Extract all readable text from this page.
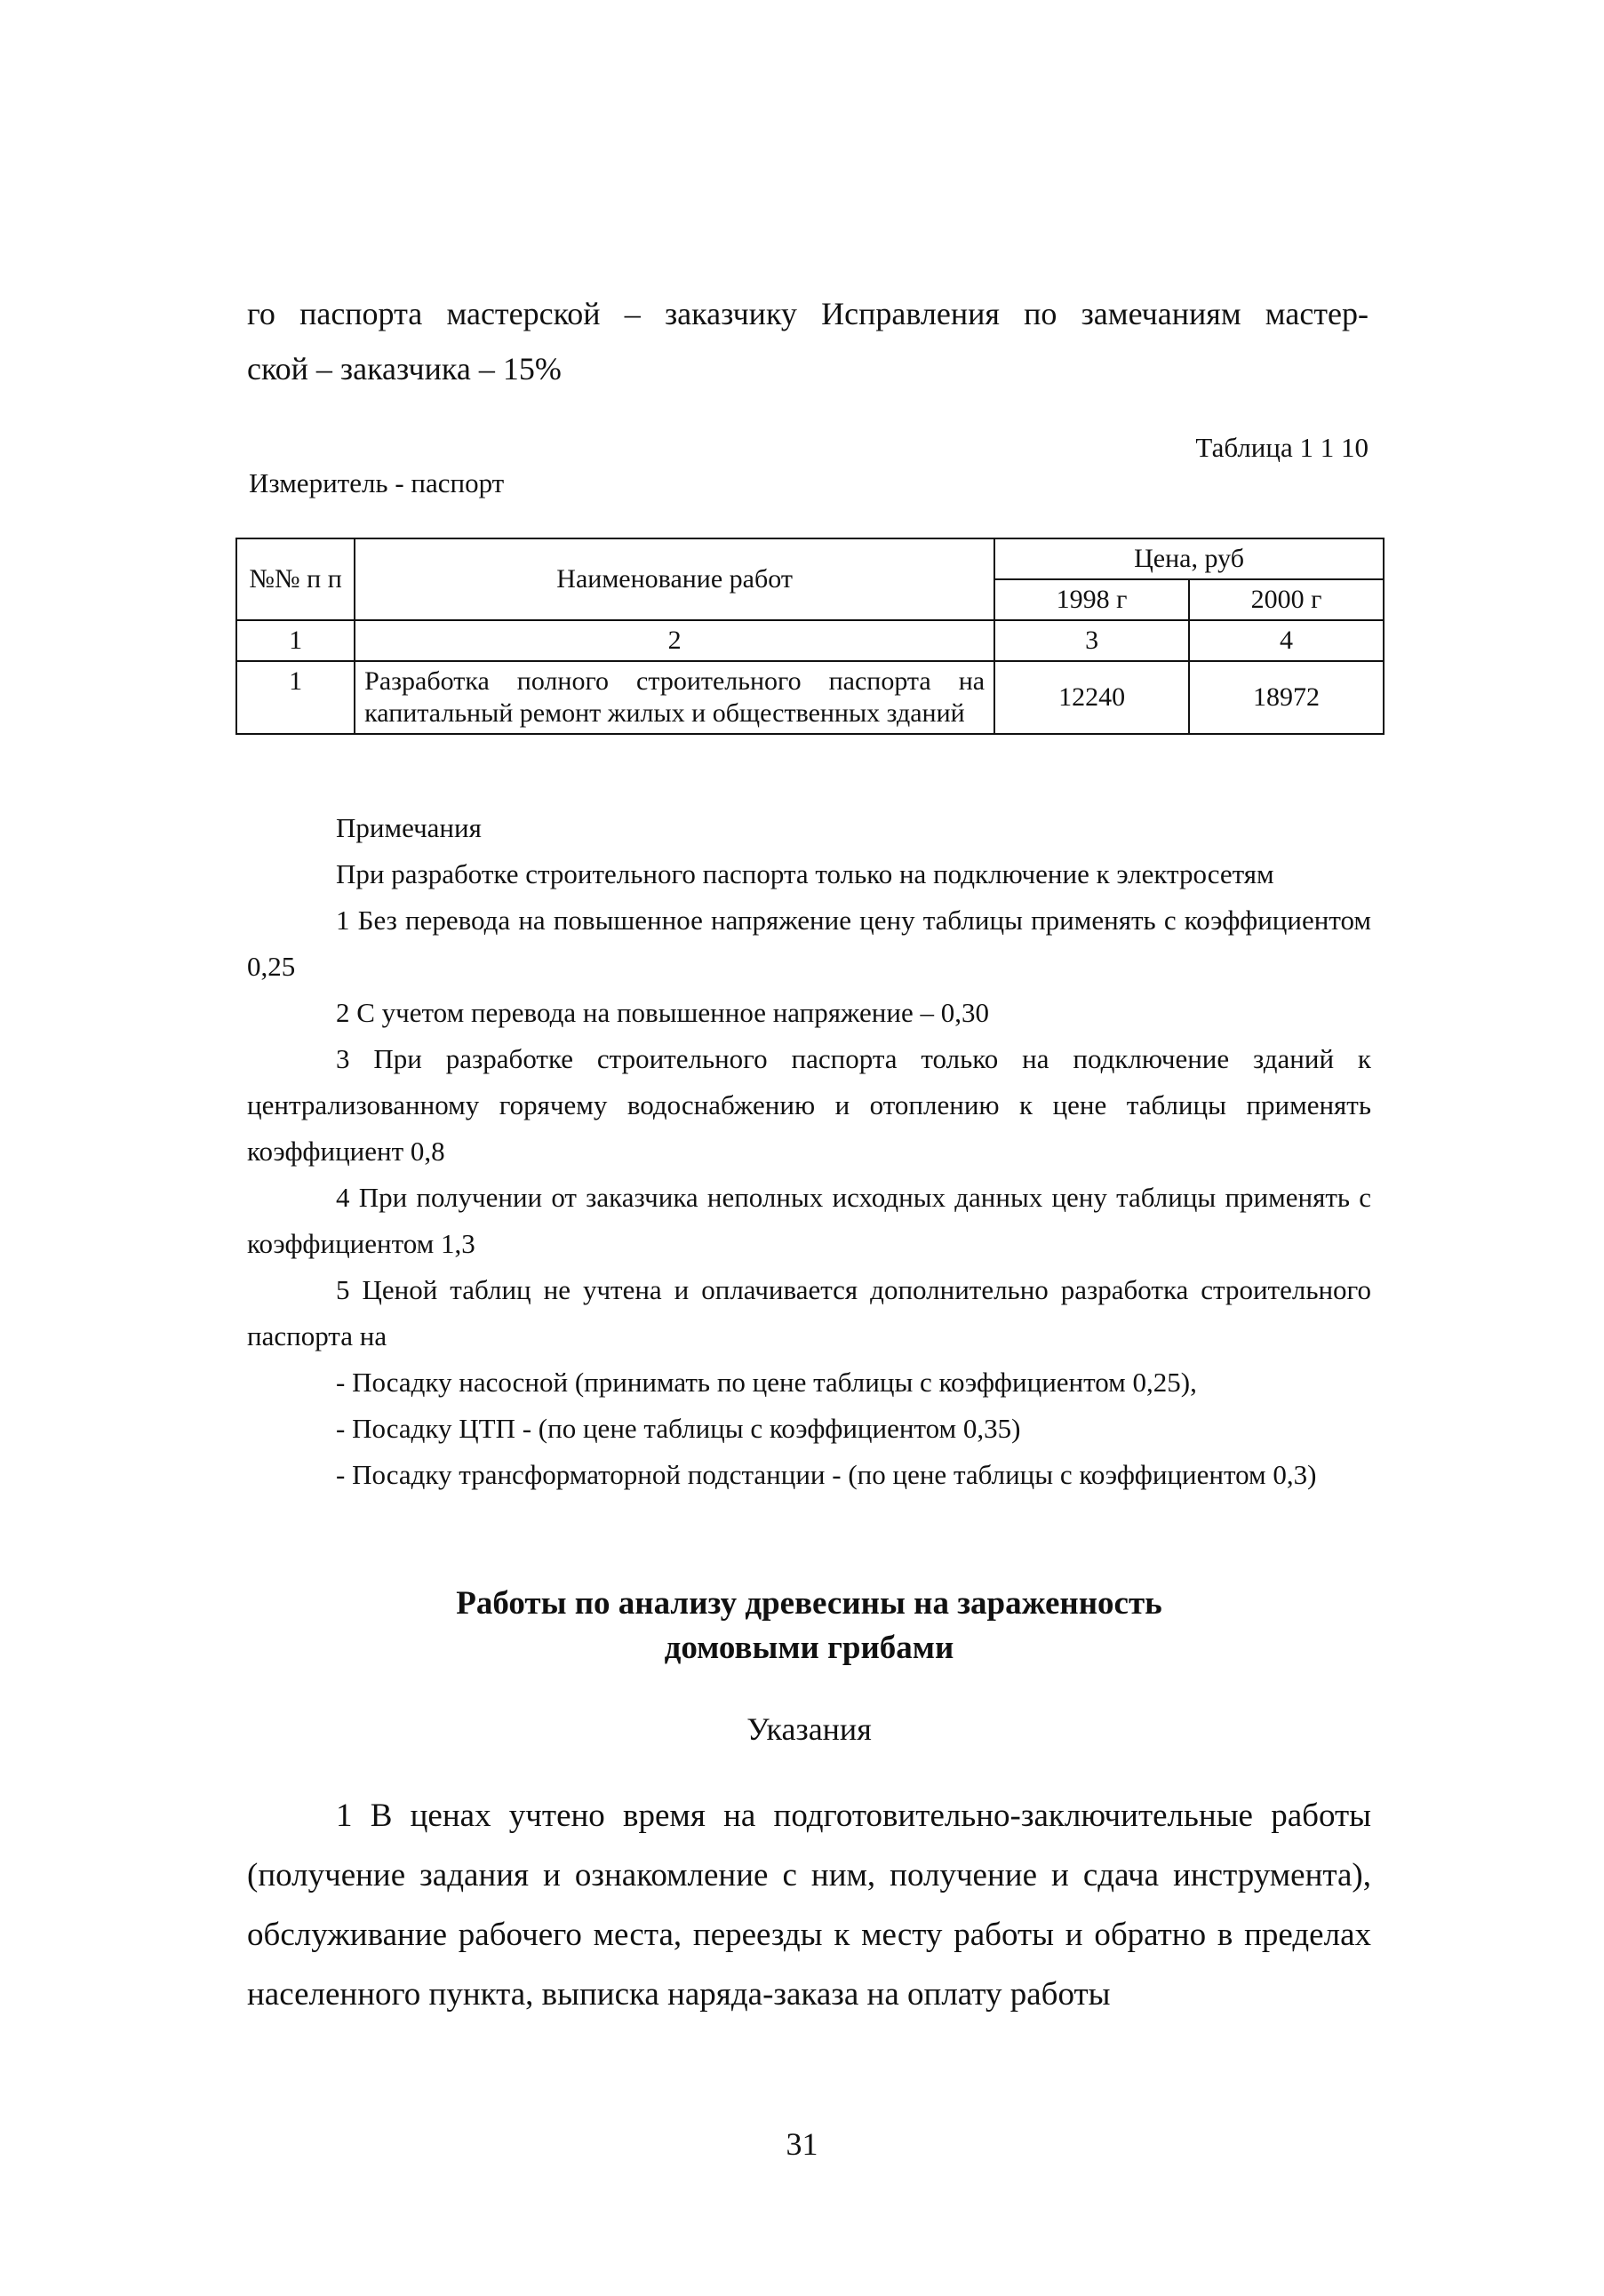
го паспорта мастерской – заказчику Исправления по замечаниям мастер-
ской – заказчика – 15%
Таблица 1 1 10
Измеритель - паспорт
№№ п п	Наименование работ	Цена, руб	
		1998 г	2000 г
1	2	3	4
1	Разработка полного строительного паспорта на капитальный ремонт жилых и общественных зданий	12240	18972

Примечания

При разработке строительного паспорта только на подключение к электросетям

1 Без перевода на повышенное напряжение цену таблицы применять с коэффициентом 0,25

2 С учетом перевода на повышенное напряжение – 0,30

3 При разработке строительного паспорта только на подключение зданий к централизованному горячему водоснабжению и отоплению к цене таблицы применять коэффициент 0,8

4 При получении от заказчика неполных исходных данных цену таблицы применять с коэффициентом 1,3

5 Ценой таблиц не учтена и оплачивается дополнительно разработка строительного паспорта на

- Посадку насосной (принимать по цене таблицы с коэффициентом 0,25),

- Посадку ЦТП - (по цене таблицы с коэффициентом 0,35)

- Посадку трансформаторной подстанции - (по цене таблицы с коэффициентом 0,3)

Работы по анализу древесины на зараженность
домовыми грибами
Указания

1 В ценах учтено время на подготовительно-заключительные работы (получение задания и ознакомление с ним, получение и сдача инструмента), обслуживание рабочего места, переезды к месту работы и обратно в пределах населенного пункта, выписка наряда-заказа на оплату работы

31
